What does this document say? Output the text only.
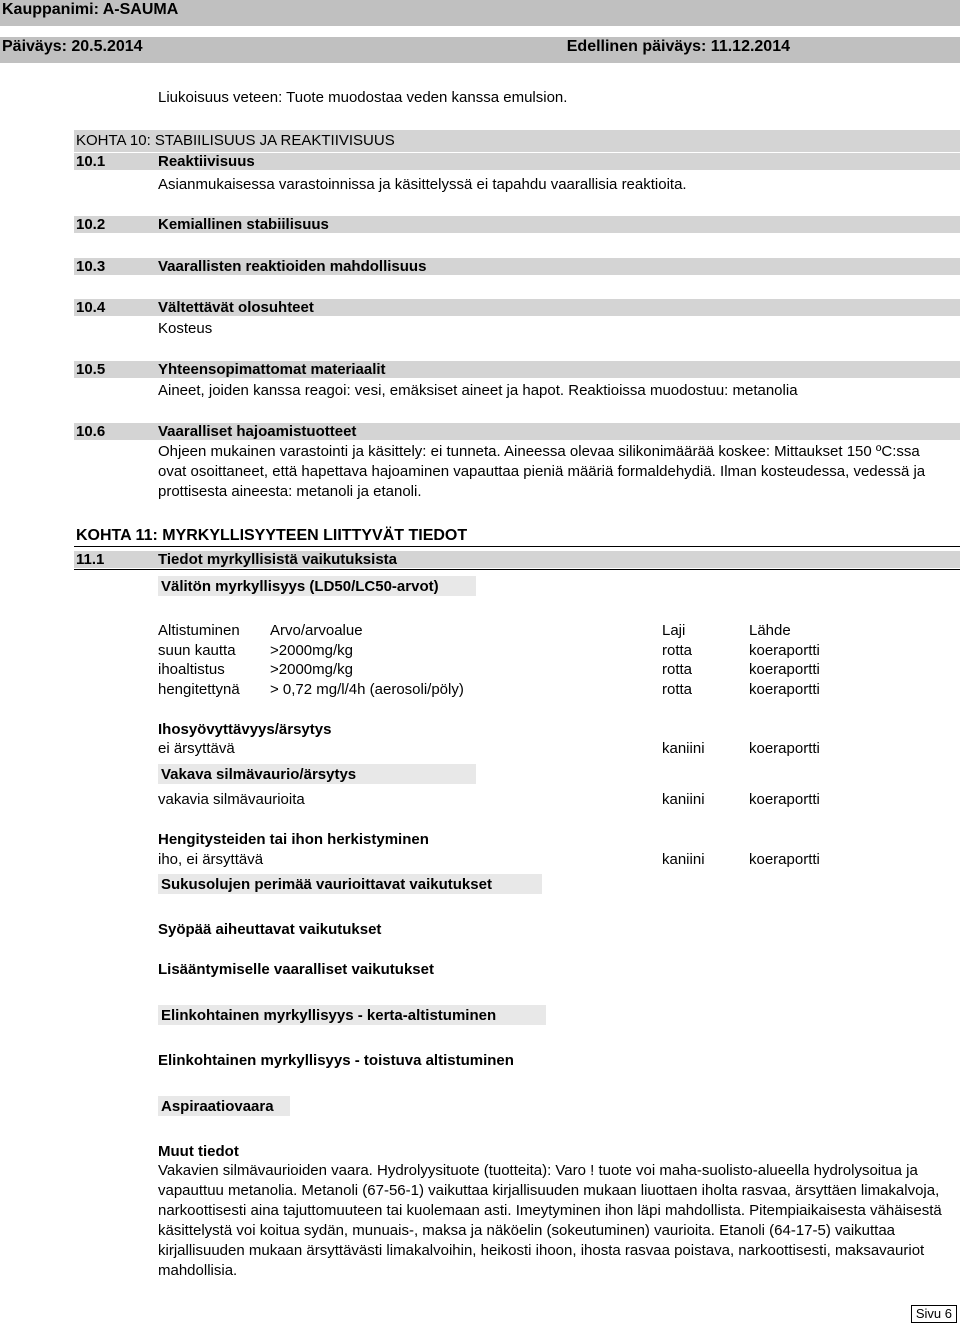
Kauppanimi: A-SAUMA
Päiväys: 20.5.2014	Edellinen päiväys: 11.12.2014
Liukoisuus veteen: Tuote muodostaa veden kanssa emulsion.
KOHTA 10: STABIILISUUS JA REAKTIIVISUUS
10.1	Reaktiivisuus
Asianmukaisessa varastoinnissa ja käsittelyssä ei tapahdu vaarallisia reaktioita.
10.2	Kemiallinen stabiilisuus
10.3	Vaarallisten reaktioiden mahdollisuus
10.4	Vältettävät olosuhteet
Kosteus
10.5	Yhteensopimattomat materiaalit
Aineet, joiden kanssa reagoi: vesi, emäksiset aineet ja hapot. Reaktioissa muodostuu: metanolia
10.6	Vaaralliset hajoamistuotteet
Ohjeen mukainen varastointi ja käsittely: ei tunneta. Aineessa olevaa silikonimäärää koskee: Mittaukset 150 ºC:ssa ovat osoittaneet, että hapettava hajoaminen vapauttaa pieniä määriä formaldehydiä. Ilman kosteudessa, vedessä ja prottisesta aineesta: metanoli ja etanoli.
KOHTA 11: MYRKYLLISYYTEEN LIITTYVÄT TIEDOT
11.1	Tiedot myrkyllisistä vaikutuksista
Välitön myrkyllisyys (LD50/LC50-arvot)
Altistuminen Arvo/arvoalue	Laji	Lähde
suun kautta >2000mg/kg	rotta	koeraportti
ihoaltistus	>2000mg/kg	rotta	koeraportti
hengitettynä > 0,72 mg/l/4h (aerosoli/pöly)	rotta	koeraportti
Ihosyövyttävyys/ärsytys
ei ärsyttävä	kaniini	koeraportti
Vakava silmävaurio/ärsytys
vakavia silmävaurioita	kaniini	koeraportti
Hengitysteiden tai ihon herkistyminen
iho, ei ärsyttävä	kaniini	koeraportti
Sukusolujen perimää vaurioittavat vaikutukset
Syöpää aiheuttavat vaikutukset
Lisääntymiselle vaaralliset vaikutukset
Elinkohtainen myrkyllisyys - kerta-altistuminen
Elinkohtainen myrkyllisyys - toistuva altistuminen
Aspiraatiovaara
Muut tiedot
Vakavien silmävaurioiden vaara. Hydrolyysituote (tuotteita): Varo ! tuote voi maha-suolisto-alueella hydrolysoitua ja vapauttuu metanolia. Metanoli (67-56-1) vaikuttaa kirjallisuuden mukaan liuottaen iholta rasvaa, ärsyttäen limakalvoja, narkoottisesti aina tajuttomuuteen tai kuolemaan asti. Imeytyminen ihon läpi mahdollista. Pitempiaikaisesta vähäisestä käsittelystä voi koitua sydän, munuais-, maksa ja näköelin (sokeutuminen) vaurioita. Etanoli (64-17-5) vaikuttaa kirjallisuuden mukaan ärsyttävästi limakalvoihin, heikosti ihoon, ihosta rasvaa poistava, narkoottisesti, maksavauriot mahdollisia.
Sivu 6
